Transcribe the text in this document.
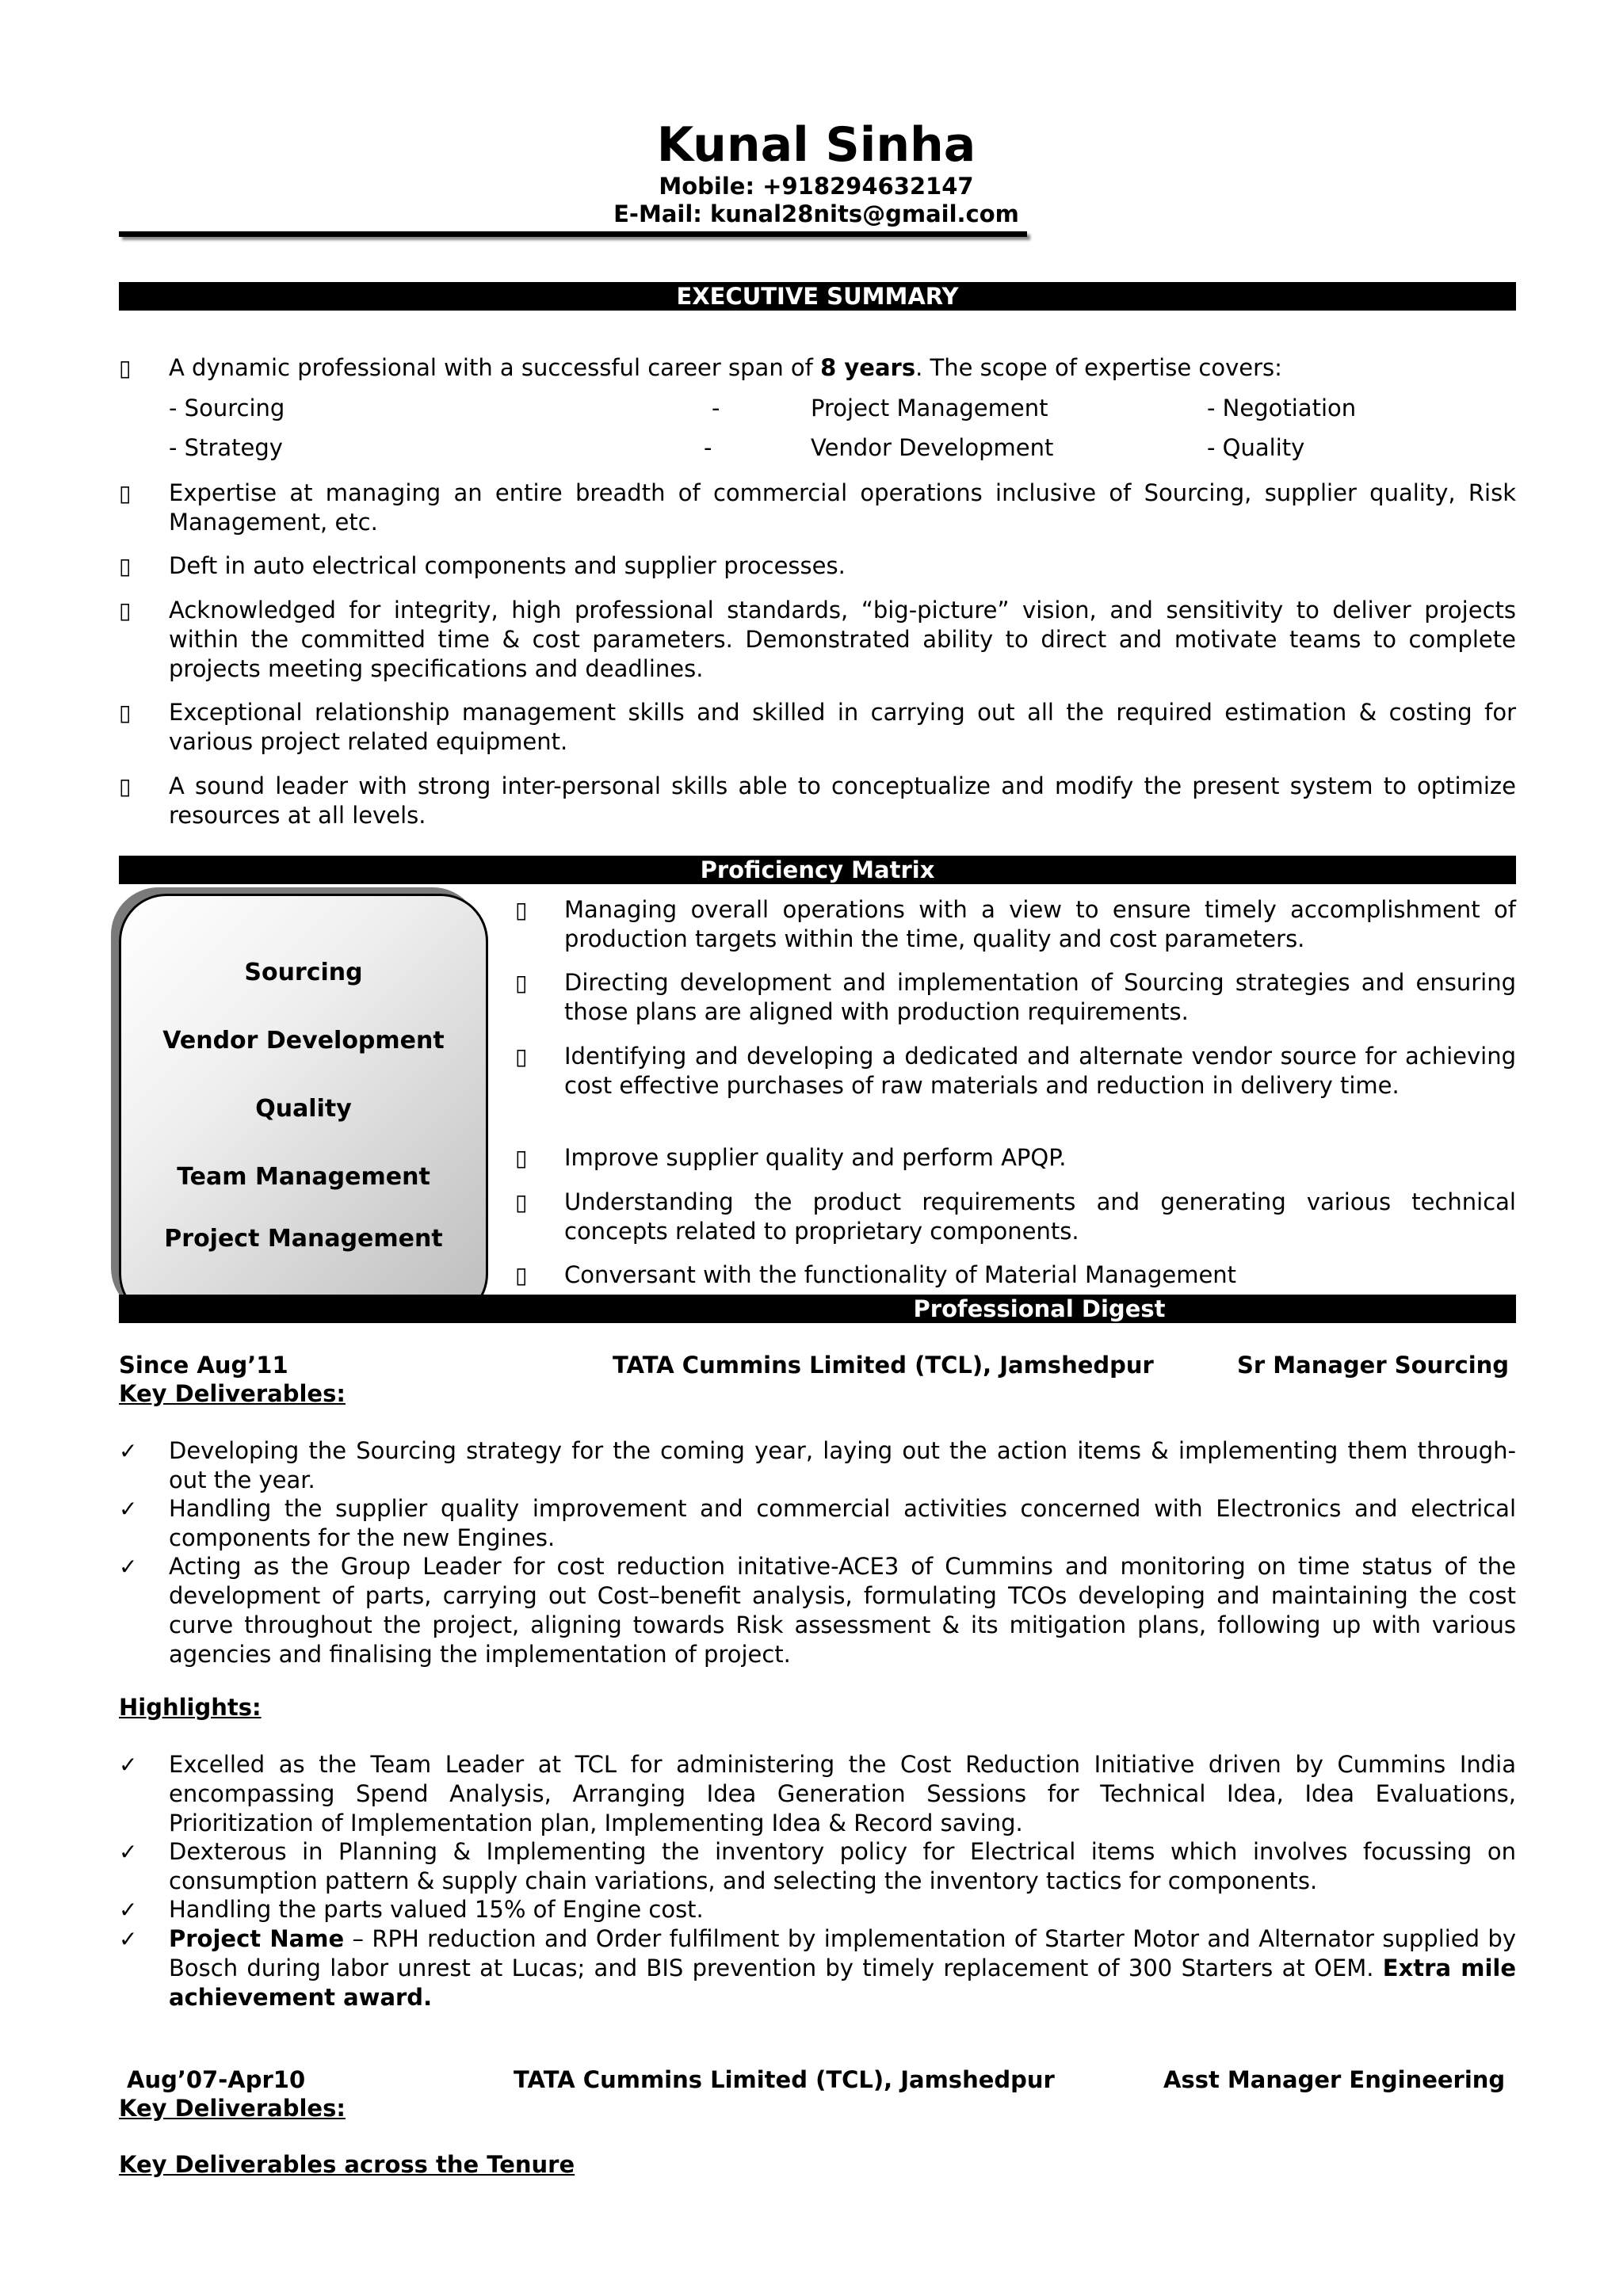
Kunal Sinha
Mobile: +918294632147
E-Mail: kunal28nits@gmail.com
EXECUTIVE SUMMARY
▯ A dynamic professional with a successful career span of 8 years. The scope of expertise covers:
- Sourcing	-	Project Management	- Negotiation
- Strategy	-	Vendor Development	- Quality
▯ Expertise at managing an entire breadth of commercial operations inclusive of Sourcing, supplier quality, Risk Management, etc.
▯ Deft in auto electrical components and supplier processes.
▯ Acknowledged for integrity, high professional standards, “big-picture” vision, and sensitivity to deliver projects within the committed time & cost parameters. Demonstrated ability to direct and motivate teams to complete projects meeting specifications and deadlines.
▯ Exceptional relationship management skills and skilled in carrying out all the required estimation & costing for various project related equipment.
▯ A sound leader with strong inter-personal skills able to conceptualize and modify the present system to optimize resources at all levels.
Proficiency Matrix
Sourcing
Vendor Development
Quality
Team Management
Project Management
▯ Managing overall operations with a view to ensure timely accomplishment of production targets within the time, quality and cost parameters.
▯ Directing development and implementation of Sourcing strategies and ensuring those plans are aligned with production requirements.
▯ Identifying and developing a dedicated and alternate vendor source for achieving cost effective purchases of raw materials and reduction in delivery time.
▯ Improve supplier quality and perform APQP.
▯ Understanding the product requirements and generating various technical concepts related to proprietary components.
▯ Conversant with the functionality of Material Management
Professional Digest
Since Aug’11	TATA Cummins Limited (TCL), Jamshedpur	Sr Manager Sourcing
Key Deliverables:
✓ Developing the Sourcing strategy for the coming year, laying out the action items & implementing them through-out the year.
✓ Handling the supplier quality improvement and commercial activities concerned with Electronics and electrical components for the new Engines.
✓ Acting as the Group Leader for cost reduction initative-ACE3 of Cummins and monitoring on time status of the development of parts, carrying out Cost–benefit analysis, formulating TCOs developing and maintaining the cost curve throughout the project, aligning towards Risk assessment & its mitigation plans, following up with various agencies and finalising the implementation of project.
Highlights:
✓ Excelled as the Team Leader at TCL for administering the Cost Reduction Initiative driven by Cummins India encompassing Spend Analysis, Arranging Idea Generation Sessions for Technical Idea, Idea Evaluations, Prioritization of Implementation plan, Implementing Idea & Record saving.
✓ Dexterous in Planning & Implementing the inventory policy for Electrical items which involves focussing on consumption pattern & supply chain variations, and selecting the inventory tactics for components.
✓ Handling the parts valued 15% of Engine cost.
✓ Project Name – RPH reduction and Order fulfilment by implementation of Starter Motor and Alternator supplied by Bosch during labor unrest at Lucas; and BIS prevention by timely replacement of 300 Starters at OEM. Extra mile achievement award.
Aug’07-Apr10	TATA Cummins Limited (TCL), Jamshedpur	Asst Manager Engineering
Key Deliverables:
Key Deliverables across the Tenure
